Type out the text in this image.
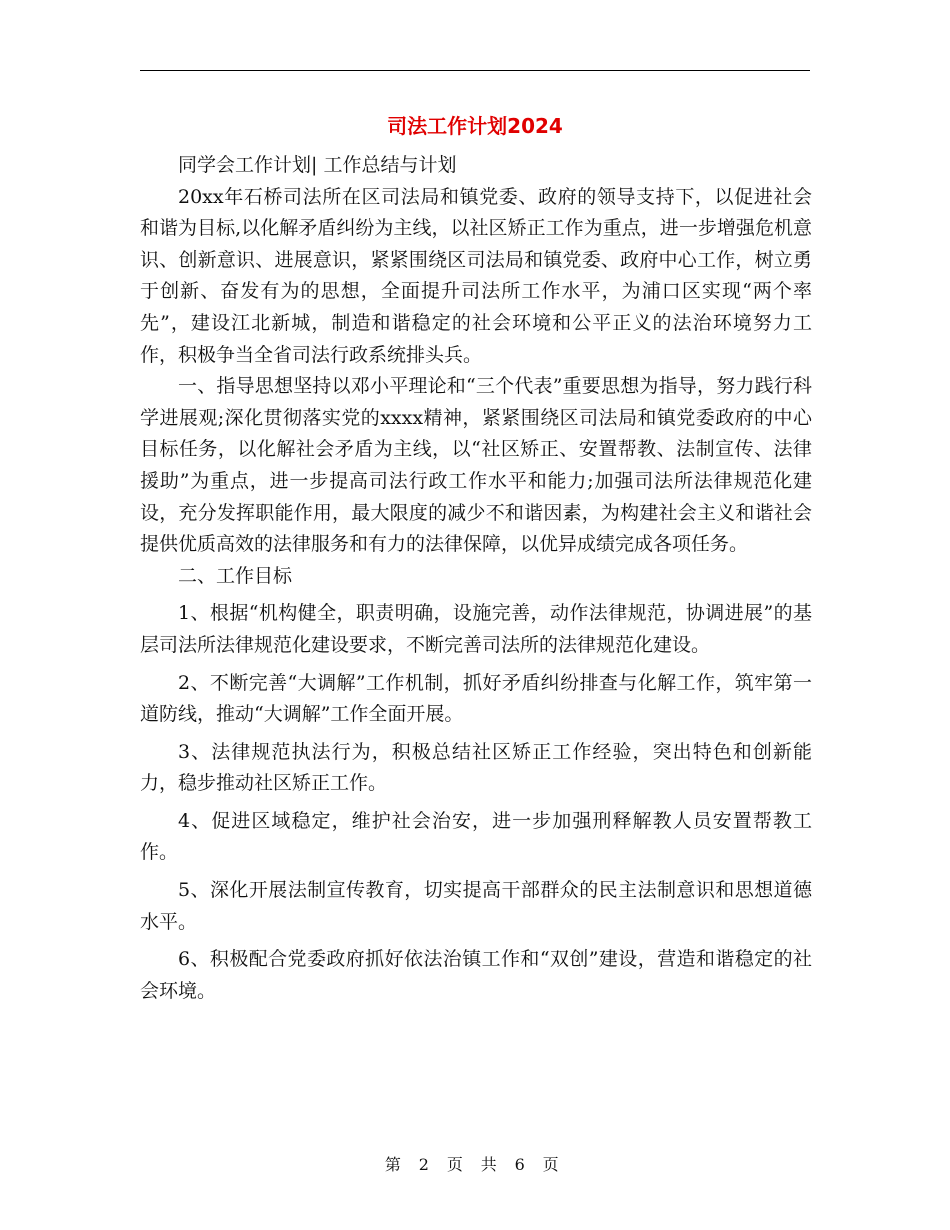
司法工作计划2024

同学会工作计划| 工作总结与计划

20xx年石桥司法所在区司法局和镇党委、政府的领导支持下，以促进社会和谐为目标,以化解矛盾纠纷为主线，以社区矫正工作为重点，进一步增强危机意识、创新意识、进展意识，紧紧围绕区司法局和镇党委、政府中心工作，树立勇于创新、奋发有为的思想，全面提升司法所工作水平，为浦口区实现“两个率先”，建设江北新城，制造和谐稳定的社会环境和公平正义的法治环境努力工作，积极争当全省司法行政系统排头兵。

一、指导思想坚持以邓小平理论和“三个代表”重要思想为指导，努力践行科学进展观;深化贯彻落实党的xxxx精神，紧紧围绕区司法局和镇党委政府的中心目标任务，以化解社会矛盾为主线，以“社区矫正、安置帮教、法制宣传、法律援助”为重点，进一步提高司法行政工作水平和能力;加强司法所法律规范化建设，充分发挥职能作用，最大限度的减少不和谐因素，为构建社会主义和谐社会提供优质高效的法律服务和有力的法律保障，以优异成绩完成各项任务。

二、工作目标

1、根据“机构健全，职责明确，设施完善，动作法律规范，协调进展”的基层司法所法律规范化建设要求，不断完善司法所的法律规范化建设。

2、不断完善“大调解”工作机制，抓好矛盾纠纷排查与化解工作，筑牢第一道防线，推动“大调解”工作全面开展。

3、法律规范执法行为，积极总结社区矫正工作经验，突出特色和创新能力，稳步推动社区矫正工作。

4、促进区域稳定，维护社会治安，进一步加强刑释解教人员安置帮教工作。

5、深化开展法制宣传教育，切实提高干部群众的民主法制意识和思想道德水平。

6、积极配合党委政府抓好依法治镇工作和“双创”建设，营造和谐稳定的社会环境。

第 2 页 共 6 页
